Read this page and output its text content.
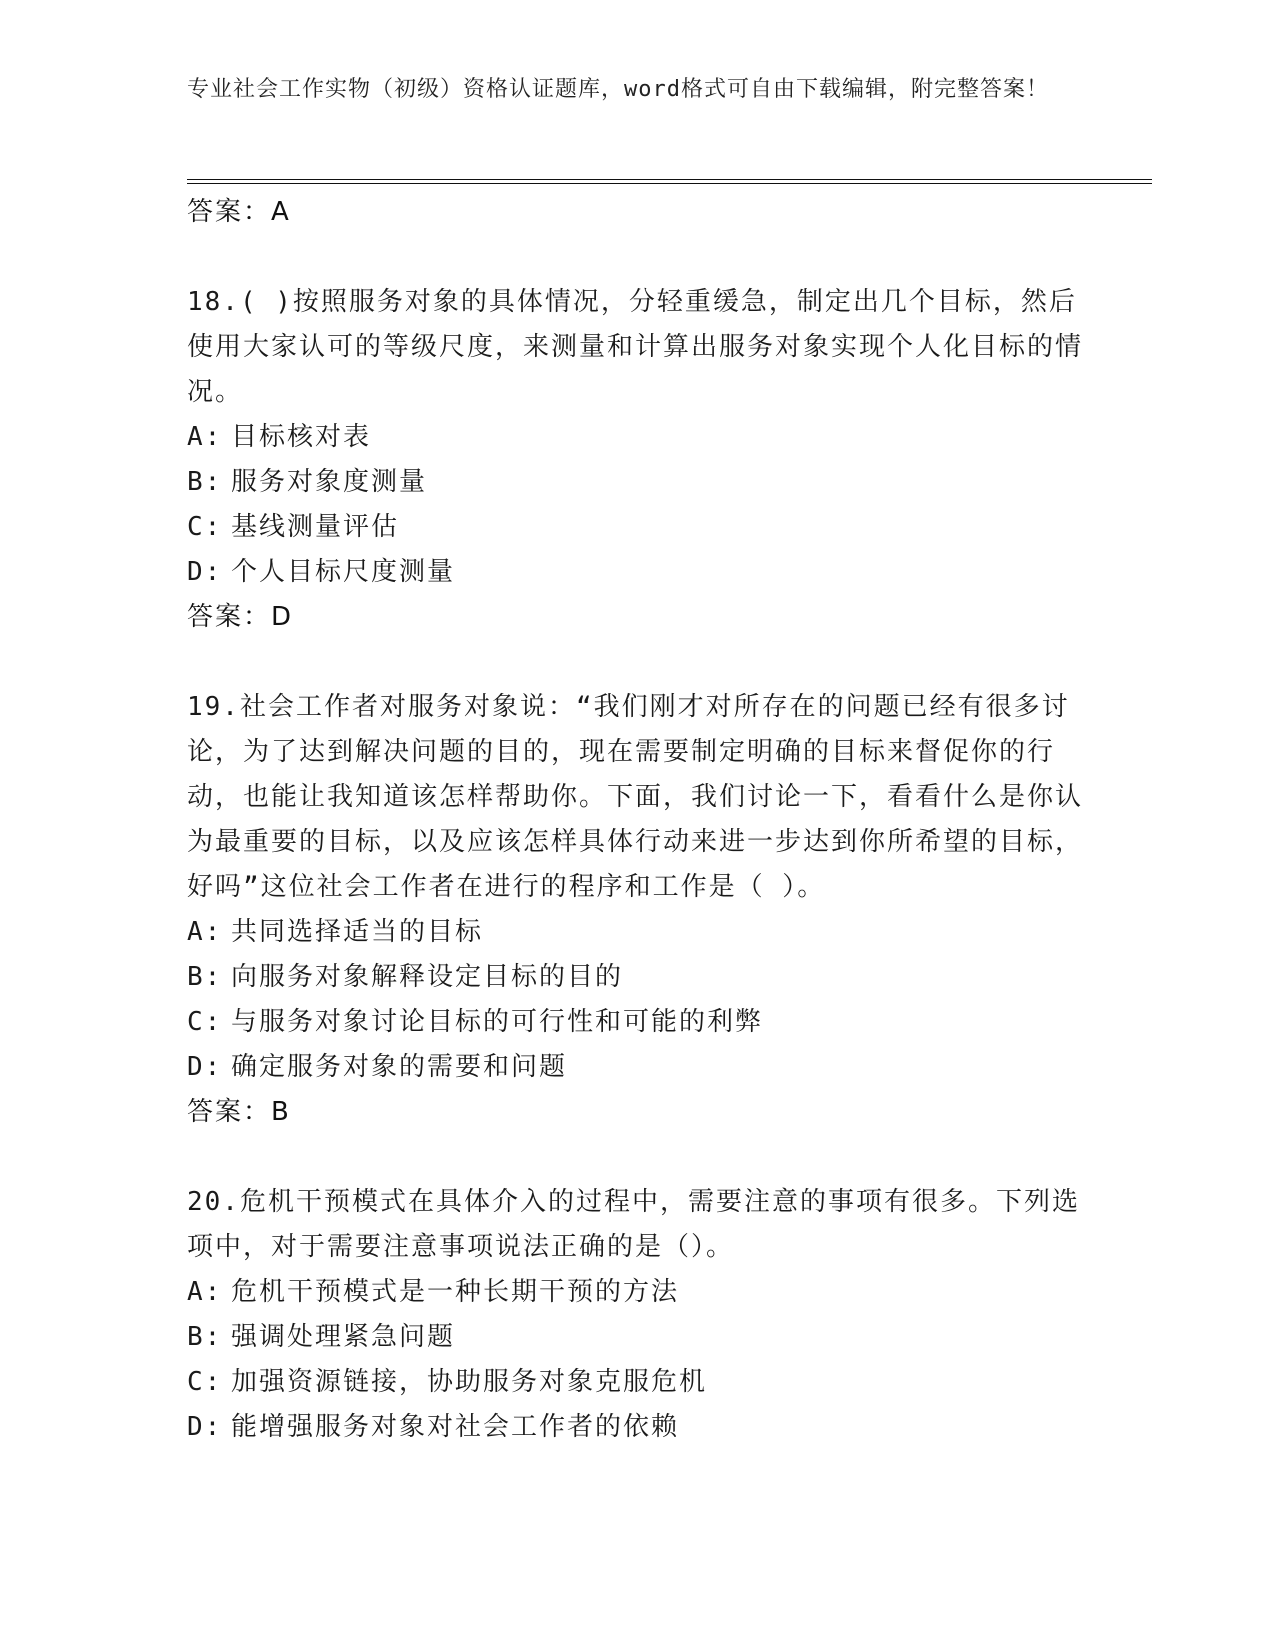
专业社会工作实物（初级）资格认证题库，word格式可自由下载编辑，附完整答案！
答案：A
18.( )按照服务对象的具体情况，分轻重缓急，制定出几个目标，然后使用大家认可的等级尺度，来测量和计算出服务对象实现个人化目标的情况。
A: 目标核对表
B: 服务对象度测量
C: 基线测量评估
D: 个人目标尺度测量
答案：D
19.社会工作者对服务对象说：“我们刚才对所存在的问题已经有很多讨论，为了达到解决问题的目的，现在需要制定明确的目标来督促你的行动，也能让我知道该怎样帮助你。下面，我们讨论一下，看看什么是你认为最重要的目标，以及应该怎样具体行动来进一步达到你所希望的目标，好吗”这位社会工作者在进行的程序和工作是（ ）。
A: 共同选择适当的目标
B: 向服务对象解释设定目标的目的
C: 与服务对象讨论目标的可行性和可能的利弊
D: 确定服务对象的需要和问题
答案：B
20.危机干预模式在具体介入的过程中，需要注意的事项有很多。下列选项中，对于需要注意事项说法正确的是（）。
A: 危机干预模式是一种长期干预的方法
B: 强调处理紧急问题
C: 加强资源链接，协助服务对象克服危机
D: 能增强服务对象对社会工作者的依赖
